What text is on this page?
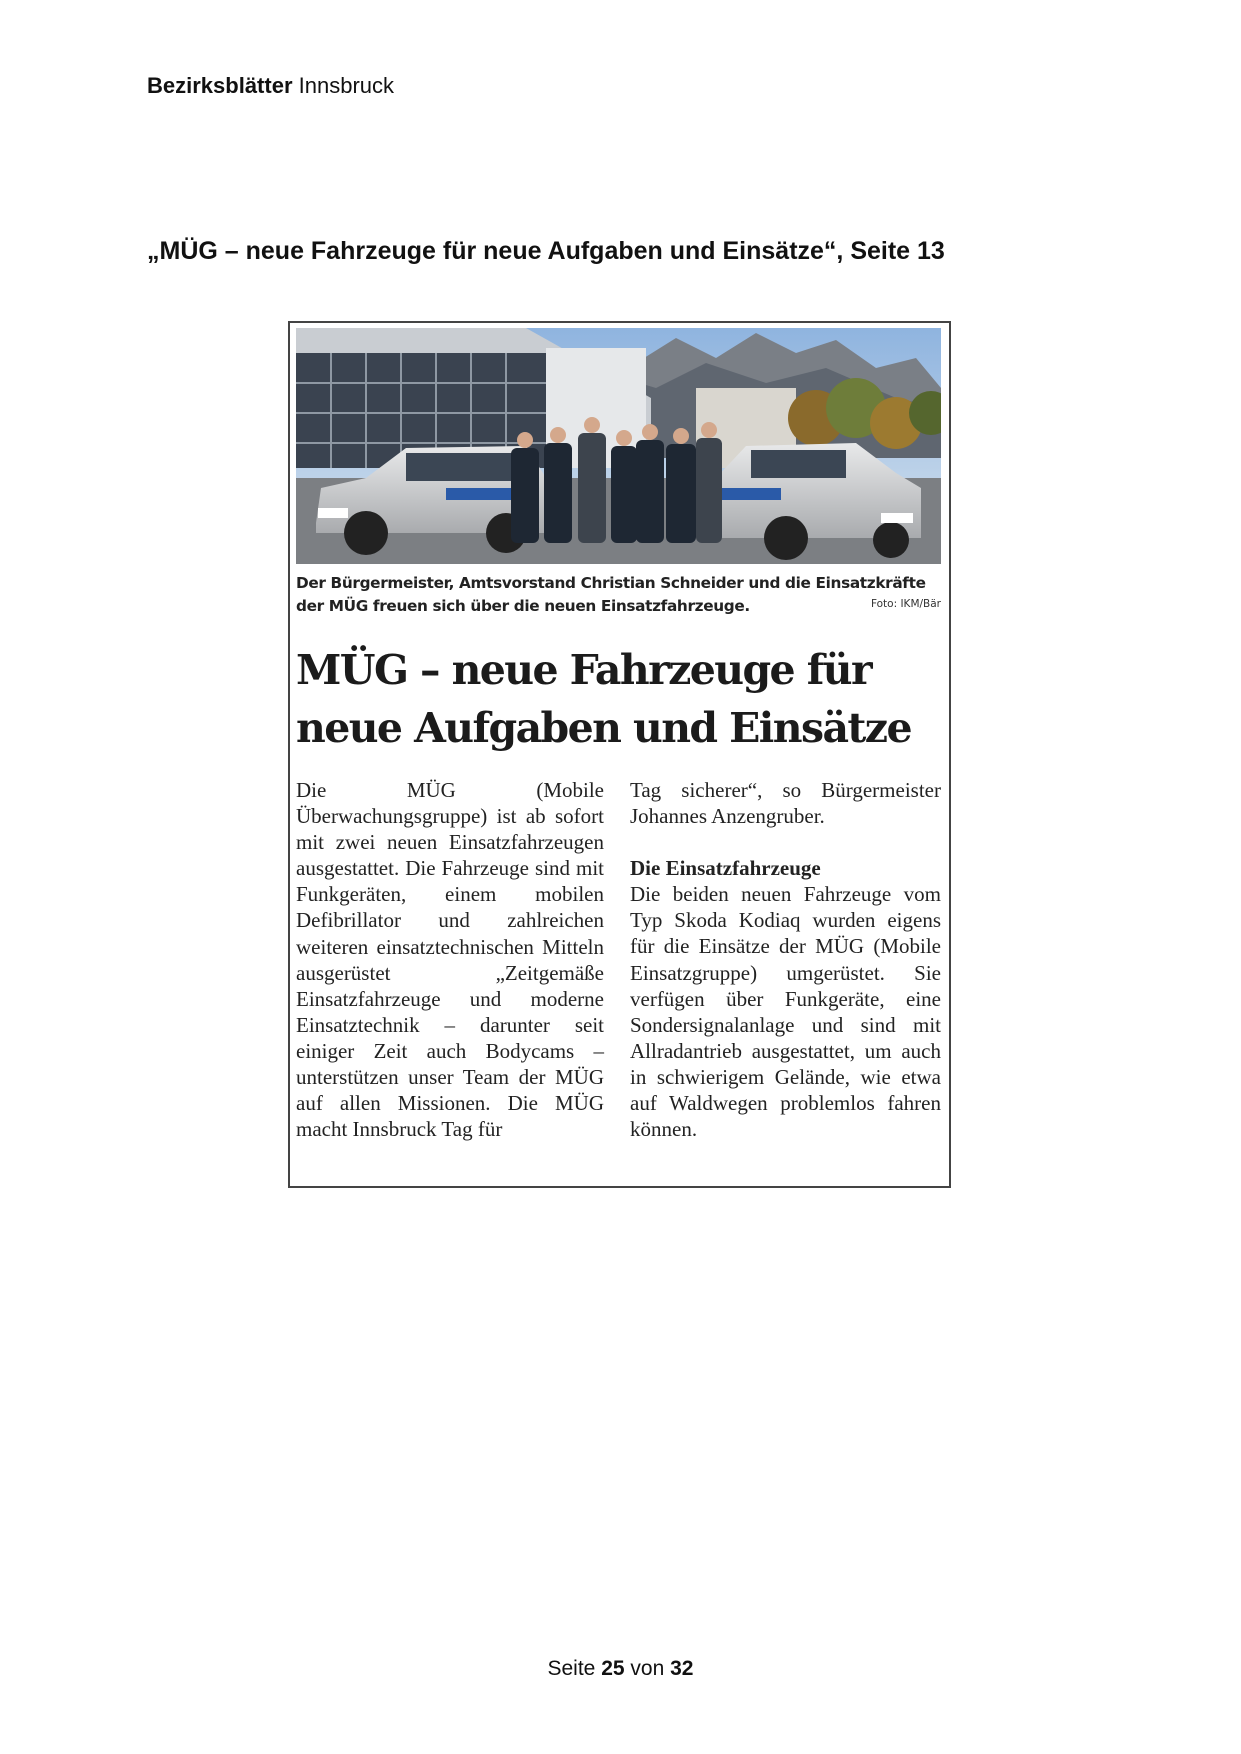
Bezirksblätter Innsbruck
„MÜG – neue Fahrzeuge für neue Aufgaben und Einsätze“, Seite 13
Der Bürgermeister, Amtsvorstand Christian Schneider und die Einsatzkräfte der MÜG freuen sich über die neuen Einsatzfahrzeuge.	Foto: IKM/Bär
MÜG – neue Fahrzeuge für neue Aufgaben und Einsätze

Die MÜG (Mobile Überwachungsgruppe) ist ab sofort mit zwei neuen Einsatzfahrzeugen ausgestattet. Die Fahrzeuge sind mit Funkgeräten, einem mobilen Defibrillator und zahlreichen weiteren einsatztechnischen Mitteln ausgerüstet „Zeitgemäße Einsatzfahrzeuge und moderne Einsatztechnik – darunter seit einiger Zeit auch Bodycams – unterstützen unser Team der MÜG auf allen Missionen. Die MÜG macht Innsbruck Tag für

Tag sicherer“, so Bürgermeister Johannes Anzengruber.

Die Einsatzfahrzeuge

Die beiden neuen Fahrzeuge vom Typ Skoda Kodiaq wurden eigens für die Einsätze der MÜG (Mobile Einsatzgruppe) umgerüstet. Sie verfügen über Funkgeräte, eine Sondersignalanlage und sind mit Allradantrieb ausgestattet, um auch in schwierigem Gelände, wie etwa auf Waldwegen problemlos fahren können.

Seite 25 von 32
